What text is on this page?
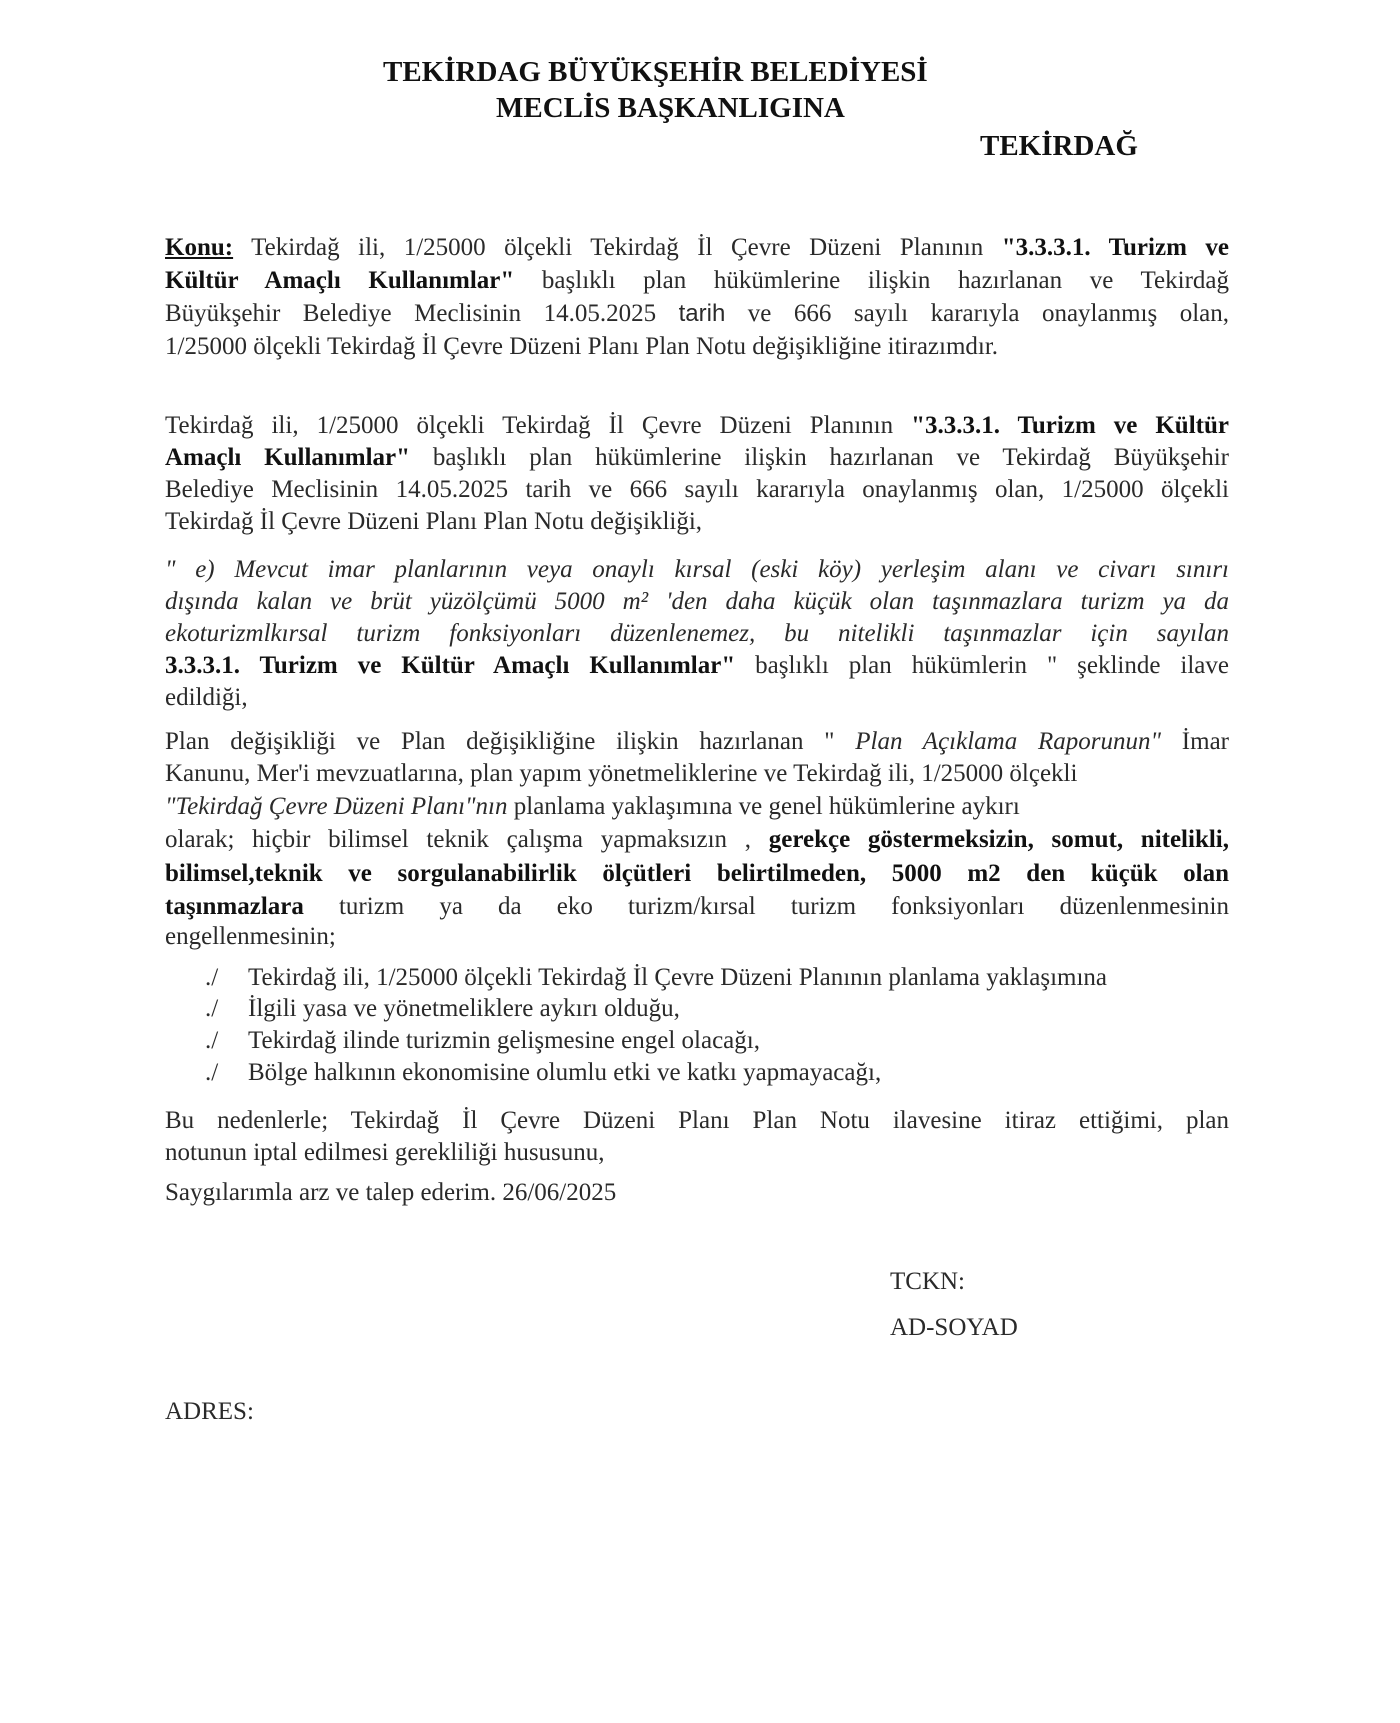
TEKİRDAG BÜYÜKŞEHİR BELEDİYESİ
MECLİS BAŞKANLIGINA
TEKİRDAĞ

Konu: Tekirdağ ili, 1/25000 ölçekli Tekirdağ İl Çevre Düzeni Planının "3.3.3.1. Turizm ve

Kültür Amaçlı Kullanımlar" başlıklı plan hükümlerine ilişkin hazırlanan ve Tekirdağ

Büyükşehir Belediye Meclisinin 14.05.2025 tarih ve 666 sayılı kararıyla onaylanmış olan,

1/25000 ölçekli Tekirdağ İl Çevre Düzeni Planı Plan Notu değişikliğine itirazımdır.

Tekirdağ ili, 1/25000 ölçekli Tekirdağ İl Çevre Düzeni Planının "3.3.3.1. Turizm ve Kültür

Amaçlı Kullanımlar" başlıklı plan hükümlerine ilişkin hazırlanan ve Tekirdağ Büyükşehir

Belediye Meclisinin 14.05.2025 tarih ve 666 sayılı kararıyla onaylanmış olan, 1/25000 ölçekli

Tekirdağ İl Çevre Düzeni Planı Plan Notu değişikliği,

" e) Mevcut imar planlarının veya onaylı kırsal (eski köy) yerleşim alanı ve civarı sınırı

dışında kalan ve brüt yüzölçümü 5000 m² 'den daha küçük olan taşınmazlara turizm ya da

ekoturizmlkırsal turizm fonksiyonları düzenlenemez, bu nitelikli taşınmazlar için sayılan

3.3.3.1. Turizm ve Kültür Amaçlı Kullanımlar" başlıklı plan hükümlerin " şeklinde ilave

edildiği,

Plan değişikliği ve Plan değişikliğine ilişkin hazırlanan " Plan Açıklama Raporunun" İmar

Kanunu, Mer'i mevzuatlarına, plan yapım yönetmeliklerine ve Tekirdağ ili, 1/25000 ölçekli

"Tekirdağ Çevre Düzeni Planı"nın planlama yaklaşımına ve genel hükümlerine aykırı

olarak; hiçbir bilimsel teknik çalışma yapmaksızın , gerekçe göstermeksizin, somut, nitelikli,

bilimsel,teknik ve sorgulanabilirlik ölçütleri belirtilmeden, 5000 m2 den küçük olan

taşınmazlara turizm ya da eko turizm/kırsal turizm fonksiyonları düzenlenmesinin

engellenmesinin;

./ Tekirdağ ili, 1/25000 ölçekli Tekirdağ İl Çevre Düzeni Planının planlama yaklaşımına
./ İlgili yasa ve yönetmeliklere aykırı olduğu,
./ Tekirdağ ilinde turizmin gelişmesine engel olacağı,
./ Bölge halkının ekonomisine olumlu etki ve katkı yapmayacağı,

Bu nedenlerle; Tekirdağ İl Çevre Düzeni Planı Plan Notu ilavesine itiraz ettiğimi, plan

notunun iptal edilmesi gerekliliği hususunu,

Saygılarımla arz ve talep ederim. 26/06/2025

TCKN:
AD-SOYAD
ADRES:
